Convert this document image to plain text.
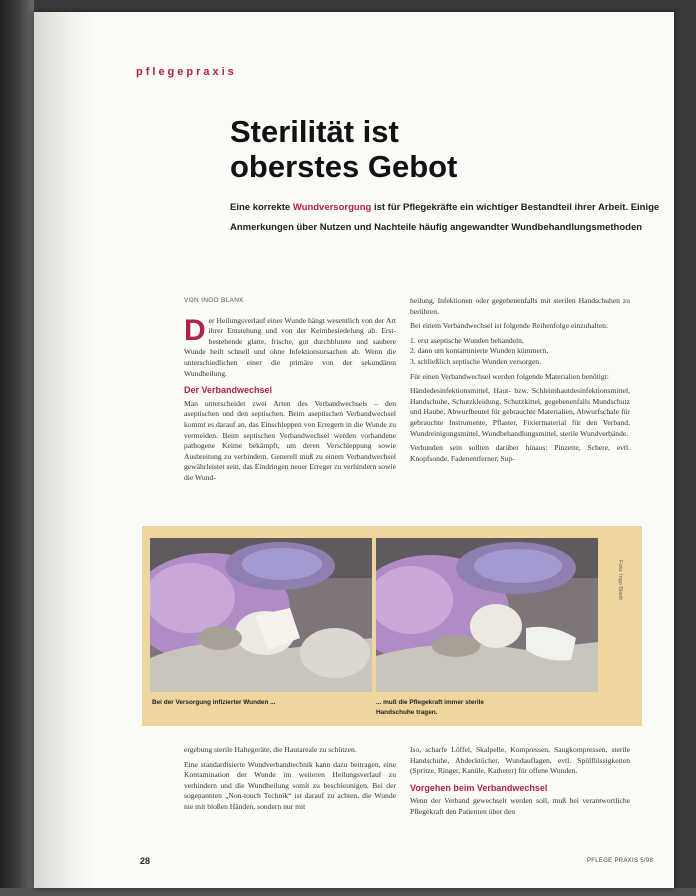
pflegepraxis
Sterilität ist
oberstes Gebot
Eine korrekte Wundversorgung ist für Pflegekräfte ein wichtiger Bestandteil ihrer Arbeit. Einige Anmerkungen über Nutzen und Nachteile häufig angewandter Wundbehandlungsmethoden
VON INGO BLANK

Der Heilungsverlauf einer Wunde hängt wesentlich von der Art ihrer Entstehung und von der Keimbesiedelung ab. Erst-bestehende glatte, frische, gut durchblutete und saubere Wunde heilt schnell und ohne Infektionsursachen ab. Wenn die unterschiedlichen einer die primäre von der sekundären Wundheilung.

Der Verbandwechsel

Man unterscheidet zwei Arten des Verbandwechsels – den aseptischen und den septischen. Beim aseptischen Verbandwechsel kommt es darauf an, das Einschleppen von Erregern in die Wunde zu vermeiden. Beim septischen Verbandwechsel werden vorhandene pathogene Keime bekämpft, um deren Verschleppung sowie Ausbreitung zu verhindern. Generell muß zu einem Verbandwechsel gewährleistet sein, das Eindringen neuer Erreger zu verhindern sowie die Wund-

heilung, Infektionen oder gegebenenfalls mit sterilen Handschuhen zu berühren.

Bei einem Verbandwechsel ist folgende Reihenfolge einzuhalten:

1. erst aseptische Wunden behandeln,
2. dann um kontaminierte Wunden kümmern,

3. schließlich septische Wunden versorgen.

Für einen Verbandwechsel werden folgende Materialien benötigt:

Händedesinfektionsmittel, Haut- bzw. Schleimhautdesinfektionsmittel, Handschuhe, Schutzkleidung, Schutzkittel, gegebenenfalls Mundschutz und Haube, Abwurfbeutel für gebrauchte Materialien, Abwurfschale für gebrauchte Instrumente, Pflaster, Fixiermaterial für den Verband, Wundreinigungsmittel, Wundbehandlungsmittel, sterile Wundverbände.

Verbunden sein sollten darüber hinaus: Pinzette, Schere, evtl. Knopfsonde, Fadenentferner, Sup-

Foto: Ingo Blank
Bei der Versorgung infizierter Wunden ...	... muß die Pflegekraft immer sterile Handschuhe tragen.

ergebung sterile Haltegeräte, die Hautareale zu schützen.

Eine standardisierte Wundverbandtechnik kann dazu beitragen, eine Kontamination der Wunde im weiteren Heilungsverlauf zu verhindern und die Wundheilung somit zu beschleunigen. Bei der sogenannten „Non-touch Technik“ ist darauf zu achten, die Wunde nie mit bloßen Händen, sondern nur mit

Iso, scharfe Löffel, Skalpelle, Kompressen, Saugkompressen, sterile Handschuhe, Abdecktücher, Wundauflagen, evtl. Spülflüssigkeiten (Spritze, Ringer, Kanüle, Katheter) für offene Wunden.

Vorgehen beim Verbandwechsel

Wenn der Verband gewechselt werden soll, muß bei verantwortliche Pflegekraft den Patienten über den

28	PFLEGE PRAXIS 5/98
